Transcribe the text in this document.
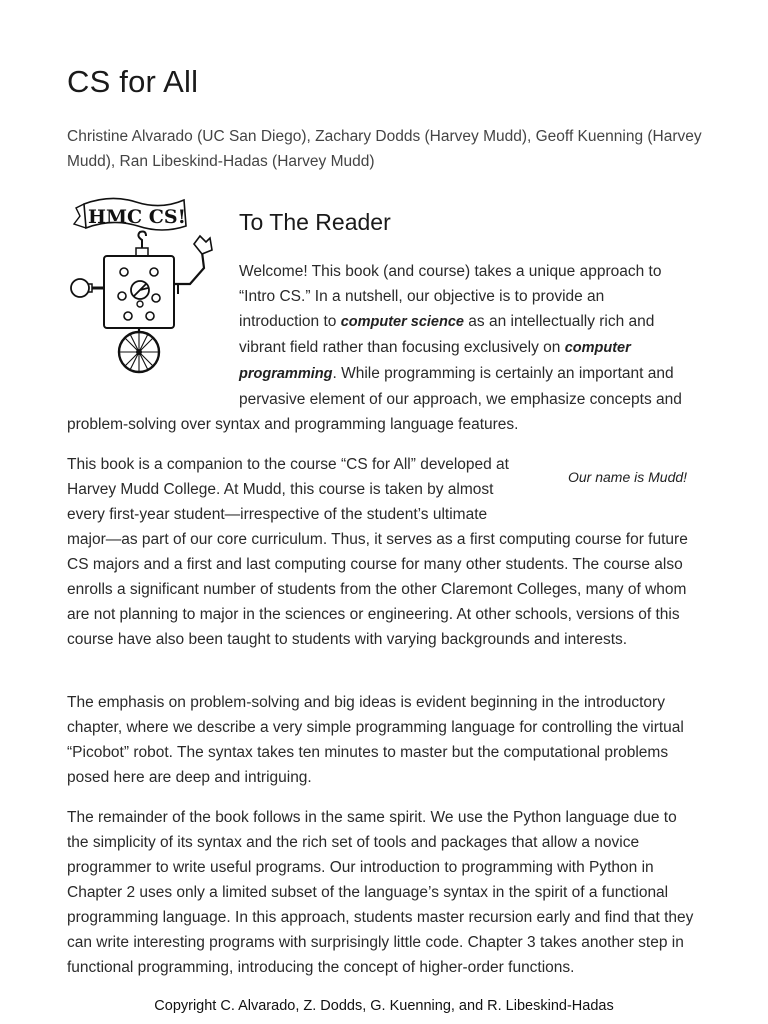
CS for All

Christine Alvarado (UC San Diego), Zachary Dodds (Harvey Mudd), Geoff Kuenning (Harvey Mudd), Ran Libeskind-Hadas (Harvey Mudd)

HMC CS! To The Reader

Welcome! This book (and course) takes a unique approach to
“Intro CS.” In a nutshell, our objective is to provide an
introduction to computer science as an intellectually rich and
vibrant field rather than focusing exclusively on computer
programming. While programming is certainly an important and
pervasive element of our approach, we emphasize concepts and
problem-solving over syntax and programming language features.

This book is a companion to the course “CS for All” developed at
Harvey Mudd College. At Mudd, this course is taken by almost
every first-year student—irrespective of the student’s ultimate
major—as part of our core curriculum. Thus, it serves as a first computing course for future CS majors and a first and last computing course for many other students. The course also enrolls a significant number of students from the other Claremont Colleges, many of whom are not planning to major in the sciences or engineering. At other schools, versions of this course have also been taught to students with varying backgrounds and interests.

Our name is Mudd!

The emphasis on problem-solving and big ideas is evident beginning in the introductory chapter, where we describe a very simple programming language for controlling the virtual “Picobot” robot. The syntax takes ten minutes to master but the computational problems posed here are deep and intriguing.

The remainder of the book follows in the same spirit. We use the Python language due to the simplicity of its syntax and the rich set of tools and packages that allow a novice programmer to write useful programs. Our introduction to programming with Python in Chapter 2 uses only a limited subset of the language’s syntax in the spirit of a functional programming language. In this approach, students master recursion early and find that they can write interesting programs with surprisingly little code. Chapter 3 takes another step in functional programming, introducing the concept of higher-order functions.

Copyright C. Alvarado, Z. Dodds, G. Kuenning, and R. Libeskind-Hadas
